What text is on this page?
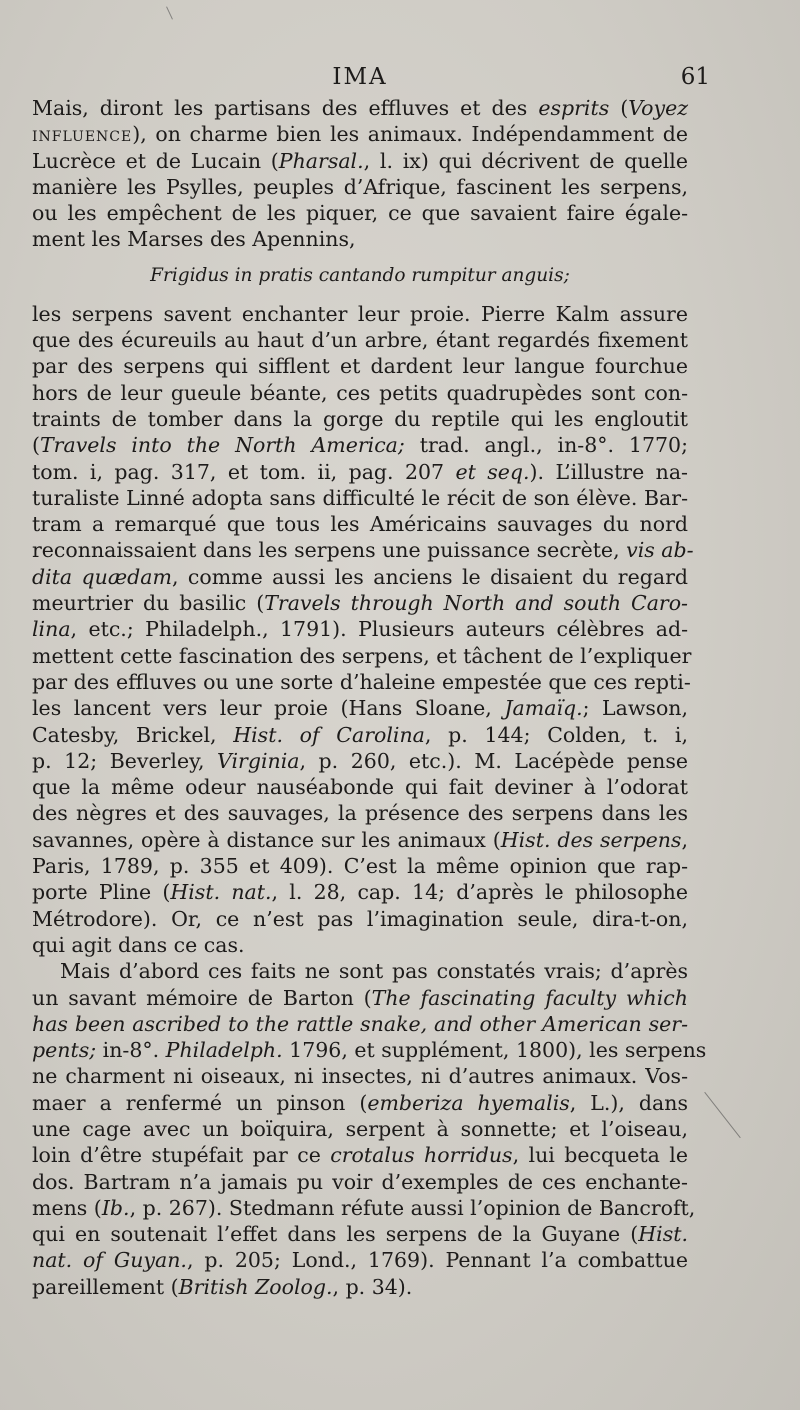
IMA	61
Mais, diront les partisans des effluves et des esprits (Voyez
influence), on charme bien les animaux. Indépendamment de
Lucrèce et de Lucain (Pharsal., l. ix) qui décrivent de quelle
manière les Psylles, peuples d’Afrique, fascinent les serpens,
ou les empêchent de les piquer, ce que savaient faire égale-
ment les Marses des Apennins,
Frigidus in pratis cantando rumpitur anguis;
les serpens savent enchanter leur proie. Pierre Kalm assure
que des écureuils au haut d’un arbre, étant regardés fixement
par des serpens qui sifflent et dardent leur langue fourchue
hors de leur gueule béante, ces petits quadrupèdes sont con-
traints de tomber dans la gorge du reptile qui les engloutit
(Travels into the North America; trad. angl., in-8°. 1770;
tom. i, pag. 317, et tom. ii, pag. 207 et seq.). L’illustre na-
turaliste Linné adopta sans difficulté le récit de son élève. Bar-
tram a remarqué que tous les Américains sauvages du nord
reconnaissaient dans les serpens une puissance secrète, vis ab-
dita quædam, comme aussi les anciens le disaient du regard
meurtrier du basilic (Travels through North and south Caro-
lina, etc.; Philadelph., 1791). Plusieurs auteurs célèbres ad-
mettent cette fascination des serpens, et tâchent de l’expliquer
par des effluves ou une sorte d’haleine empestée que ces repti-
les lancent vers leur proie (Hans Sloane, Jamaïq.; Lawson,
Catesby, Brickel, Hist. of Carolina, p. 144; Colden, t. i,
p. 12; Beverley, Virginia, p. 260, etc.). M. Lacépède pense
que la même odeur nauséabonde qui fait deviner à l’odorat
des nègres et des sauvages, la présence des serpens dans les
savannes, opère à distance sur les animaux (Hist. des serpens,
Paris, 1789, p. 355 et 409). C’est la même opinion que rap-
porte Pline (Hist. nat., l. 28, cap. 14; d’après le philosophe
Métrodore). Or, ce n’est pas l’imagination seule, dira-t-on,
qui agit dans ce cas.
Mais d’abord ces faits ne sont pas constatés vrais; d’après
un savant mémoire de Barton (The fascinating faculty which
has been ascribed to the rattle snake, and other American ser-
pents; in-8°. Philadelph. 1796, et supplément, 1800), les serpens
ne charment ni oiseaux, ni insectes, ni d’autres animaux. Vos-
maer a renfermé un pinson (emberiza hyemalis, L.), dans
une cage avec un boïquira, serpent à sonnette; et l’oiseau,
loin d’être stupéfait par ce crotalus horridus, lui becqueta le
dos. Bartram n’a jamais pu voir d’exemples de ces enchante-
mens (Ib., p. 267). Stedmann réfute aussi l’opinion de Bancroft,
qui en soutenait l’effet dans les serpens de la Guyane (Hist.
nat. of Guyan., p. 205; Lond., 1769). Pennant l’a combattue
pareillement (British Zoolog., p. 34).
